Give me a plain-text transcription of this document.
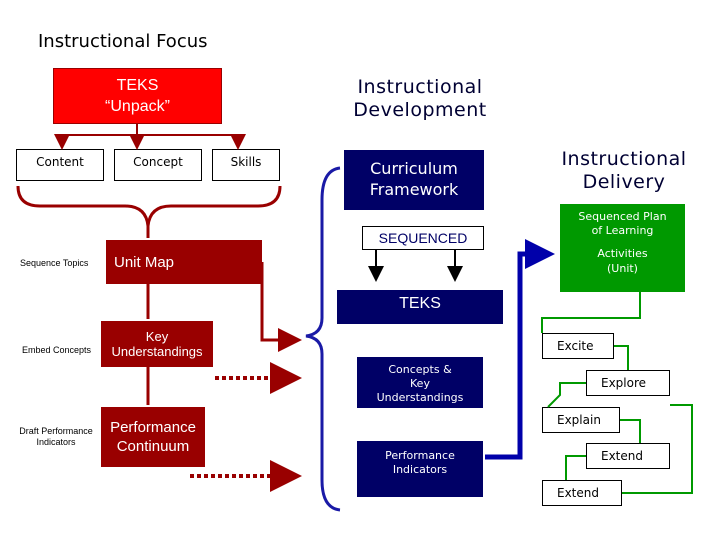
Instructional Focus
Instructional
Development
Instructional
Delivery
TEKS
“Unpack”
Content	Concept	Skills
Sequence Topics
Embed Concepts
Draft Performance
Indicators
Unit Map
Key
Understandings
Performance
Continuum
Curriculum
Framework
SEQUENCED
TEKS
Concepts &
Key
Understandings
Performance
Indicators
Sequenced Plan
of Learning
Activities
(Unit)
Excite
Explore
Explain
Extend
Extend
